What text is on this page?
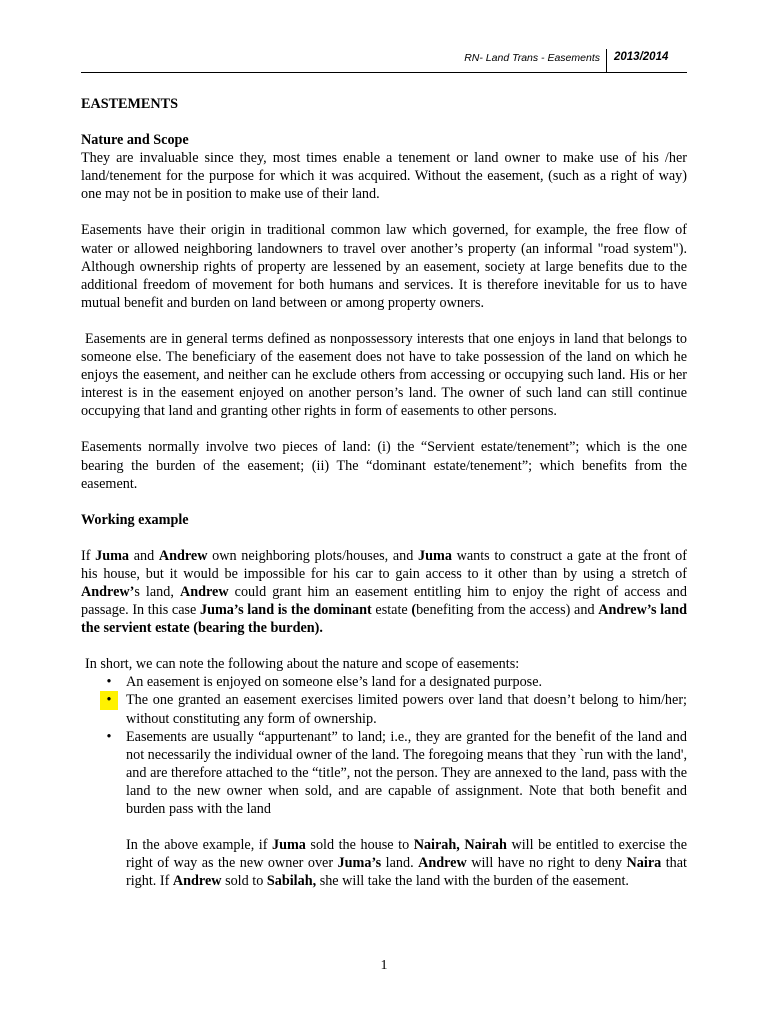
RN- Land Trans - Easements 2013/2014

EASTEMENTS

Nature and Scope

They are invaluable since they, most times enable a tenement or land owner to make use of his /her land/tenement for the purpose for which it was acquired. Without the easement, (such as a right of way) one may not be in position to make use of their land.

Easements have their origin in traditional common law which governed, for example, the free flow of water or allowed neighboring landowners to travel over another’s property (an informal "road system"). Although ownership rights of property are lessened by an easement, society at large benefits due to the additional freedom of movement for both humans and services. It is therefore inevitable for us to have mutual benefit and burden on land between or among property owners.

Easements are in general terms defined as nonpossessory interests that one enjoys in land that belongs to someone else. The beneficiary of the easement does not have to take possession of the land on which he enjoys the easement, and neither can he exclude others from accessing or occupying such land. His or her interest is in the easement enjoyed on another person’s land. The owner of such land can still continue occupying that land and granting other rights in form of easements to other persons.

Easements normally involve two pieces of land: (i) the “Servient estate/tenement”; which is the one bearing the burden of the easement; (ii) The “dominant estate/tenement”; which benefits from the easement.

Working example

If Juma and Andrew own neighboring plots/houses, and Juma wants to construct a gate at the front of his house, but it would be impossible for his car to gain access to it other than by using a stretch of Andrew’s land, Andrew could grant him an easement entitling him to enjoy the right of access and passage. In this case Juma’s land is the dominant estate (benefiting from the access) and Andrew’s land the servient estate (bearing the burden).

In short, we can note the following about the nature and scope of easements:

•	An easement is enjoyed on someone else’s land for a designated purpose.
•	The one granted an easement exercises limited powers over land that doesn’t belong to him/her; without constituting any form of ownership.
•	Easements are usually “appurtenant” to land; i.e., they are granted for the benefit of the land and not necessarily the individual owner of the land. The foregoing means that they `run with the land', and are therefore attached to the “title”, not the person. They are annexed to the land, pass with the land to the new owner when sold, and are capable of assignment. Note that both benefit and burden pass with the land

In the above example, if Juma sold the house to Nairah, Nairah will be entitled to exercise the right of way as the new owner over Juma’s land. Andrew will have no right to deny Naira that right. If Andrew sold to Sabilah, she will take the land with the burden of the easement.

1
